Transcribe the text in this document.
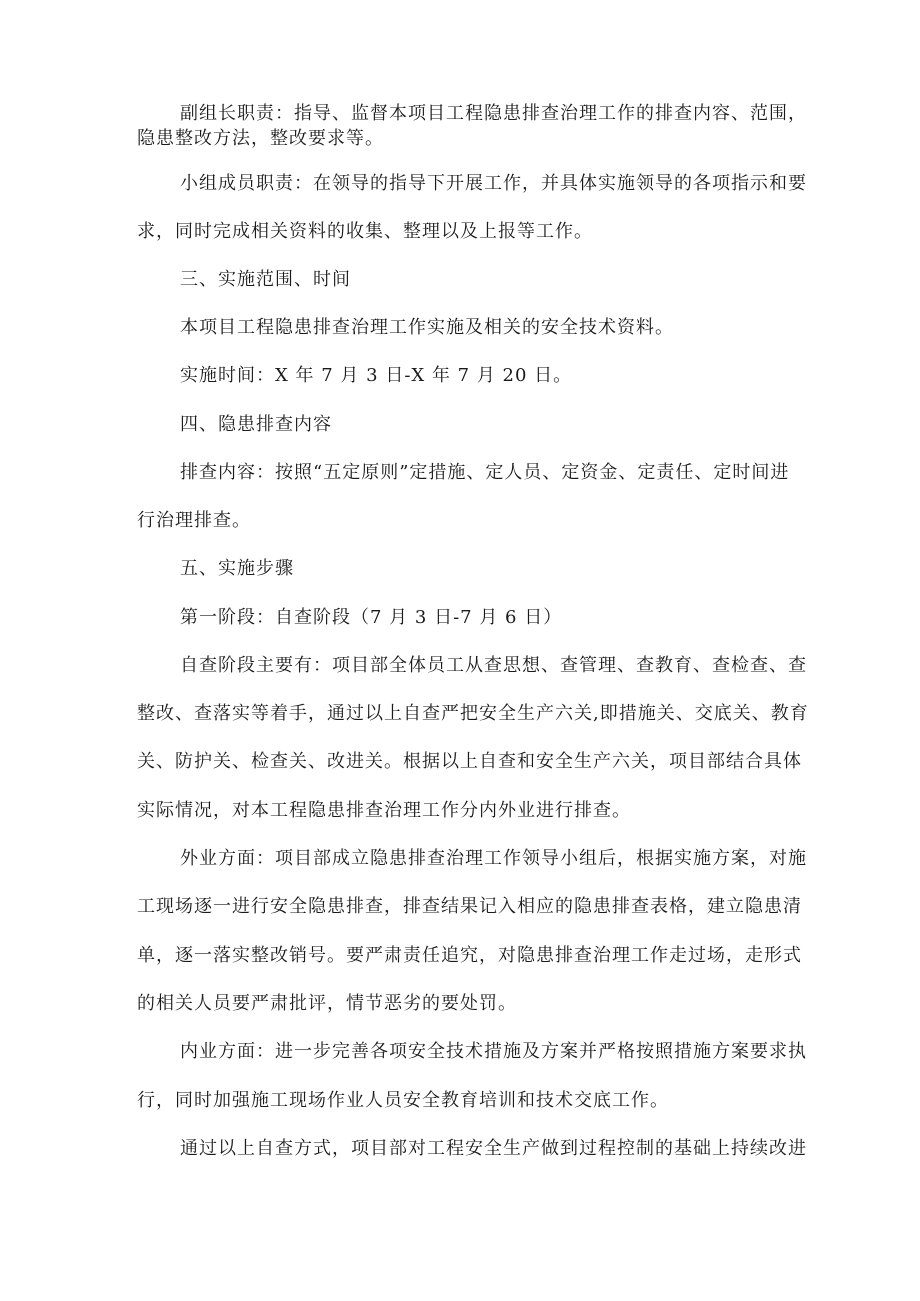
副组长职责：指导、监督本项目工程隐患排查治理工作的排查内容、范围，
隐患整改方法，整改要求等。
小组成员职责：在领导的指导下开展工作，并具体实施领导的各项指示和要
求，同时完成相关资料的收集、整理以及上报等工作。
三、实施范围、时间
本项目工程隐患排查治理工作实施及相关的安全技术资料。
实施时间：X 年 7 月 3 日-X 年 7 月 20 日。
四、隐患排查内容
排查内容：按照“五定原则”定措施、定人员、定资金、定责任、定时间进
行治理排查。
五、实施步骤
第一阶段：自查阶段（7 月 3 日-7 月 6 日）
自查阶段主要有：项目部全体员工从查思想、查管理、查教育、查检查、查
整改、查落实等着手，通过以上自查严把安全生产六关,即措施关、交底关、教育
关、防护关、检查关、改进关。根据以上自查和安全生产六关，项目部结合具体
实际情况，对本工程隐患排查治理工作分内外业进行排查。
外业方面：项目部成立隐患排查治理工作领导小组后，根据实施方案，对施
工现场逐一进行安全隐患排查，排查结果记入相应的隐患排查表格，建立隐患清
单，逐一落实整改销号。要严肃责任追究，对隐患排查治理工作走过场，走形式
的相关人员要严肃批评，情节恶劣的要处罚。
内业方面：进一步完善各项安全技术措施及方案并严格按照措施方案要求执
行，同时加强施工现场作业人员安全教育培训和技术交底工作。
通过以上自查方式，项目部对工程安全生产做到过程控制的基础上持续改进
